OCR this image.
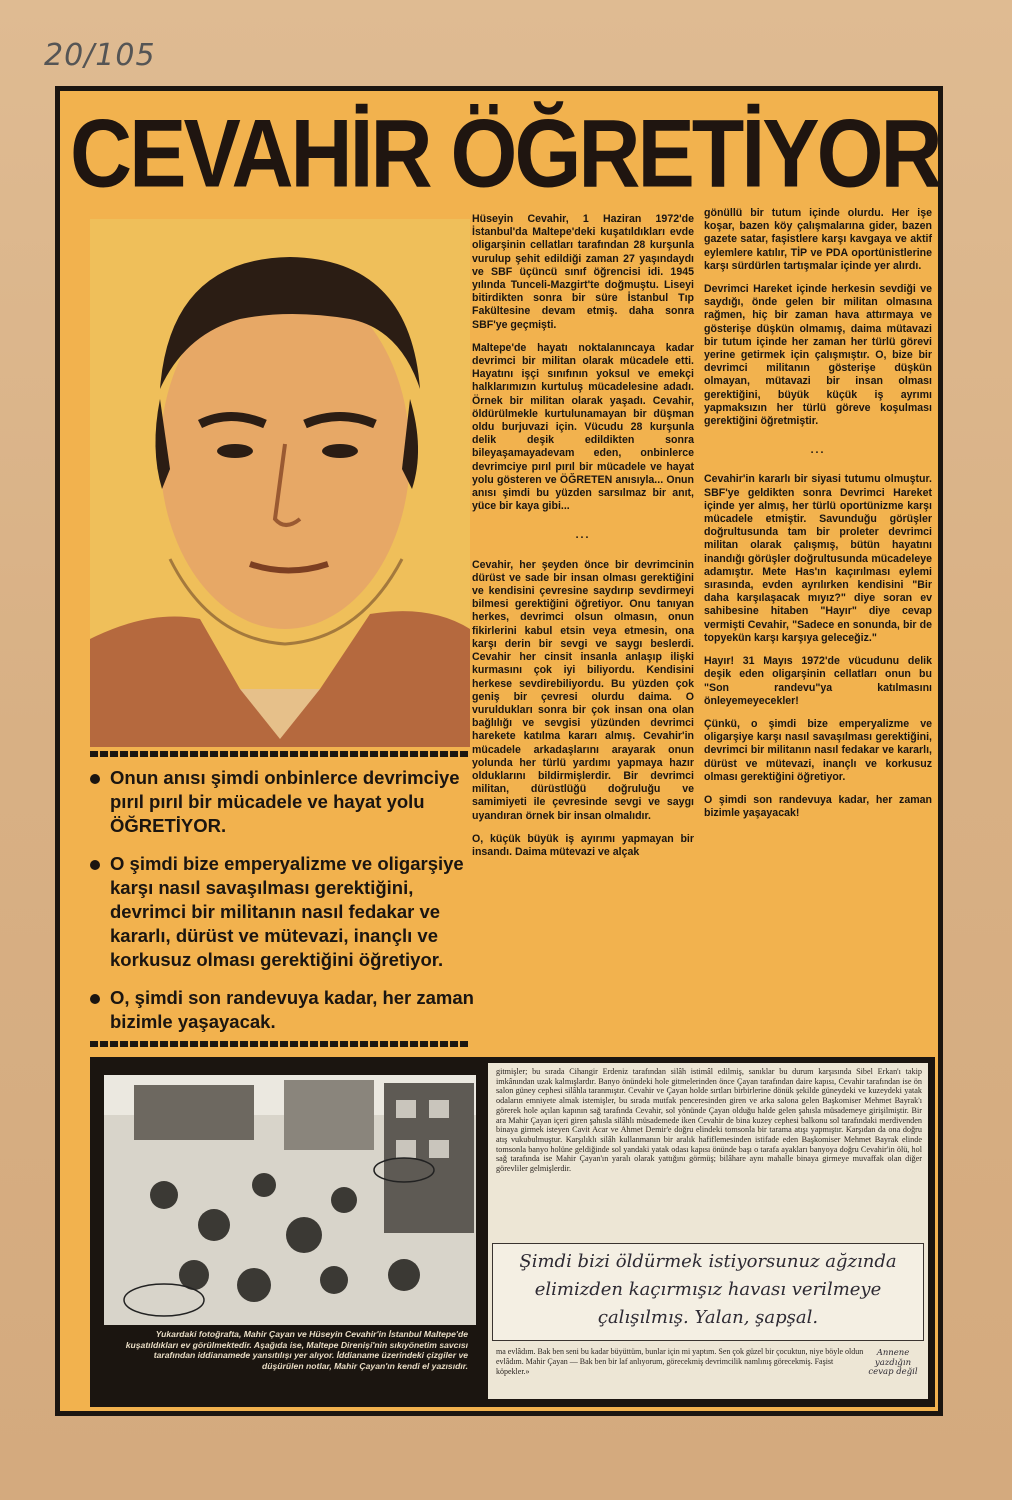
20/105
CEVAHİR ÖĞRETİYOR
Onun anısı şimdi onbinlerce devrimciye pırıl pırıl bir mücadele ve hayat yolu ÖĞRETİYOR.
O şimdi bize emperyalizme ve oligarşiye karşı nasıl savaşılması gerektiğini, devrimci bir militanın nasıl fedakar ve kararlı, dürüst ve mütevazi, inançlı ve korkusuz olması gerektiğini öğretiyor.
O, şimdi son randevuya kadar, her zaman bizimle yaşayacak.

Hüseyin Cevahir, 1 Haziran 1972'de İstanbul'da Maltepe'deki kuşatıldıkları evde oligarşinin cellatları tarafından 28 kurşunla vurulup şehit edildiği zaman 27 yaşındaydı ve SBF üçüncü sınıf öğrencisi idi. 1945 yılında Tunceli-Mazgirt'te doğmuştu. Liseyi bitirdikten sonra bir süre İstanbul Tıp Fakültesine devam etmiş. daha sonra SBF'ye geçmişti.

Maltepe'de hayatı noktalanıncaya kadar devrimci bir militan olarak mücadele etti. Hayatını işçi sınıfının yoksul ve emekçi halklarımızın kurtuluş mücadelesine adadı. Örnek bir militan olarak yaşadı. Cevahir, öldürülmekle kurtulunamayan bir düşman oldu burjuvazi için. Vücudu 28 kurşunla delik deşik edildikten sonra bileyaşamayadevam eden, onbinlerce devrimciye pırıl pırıl bir mücadele ve hayat yolu gösteren ve ÖĞRETEN anısıyla... Onun anısı şimdi bu yüzden sarsılmaz bir anıt, yüce bir kaya gibi...

...

Cevahir, her şeyden önce bir devrimcinin dürüst ve sade bir insan olması gerektiğini ve kendisini çevresine saydırıp sevdirmeyi bilmesi gerektiğini öğretiyor. Onu tanıyan herkes, devrimci olsun olmasın, onun fikirlerini kabul etsin veya etmesin, ona karşı derin bir sevgi ve saygı beslerdi. Cevahir her cinsit insanla anlaşıp ilişki kurmasını çok iyi biliyordu. Kendisini herkese sevdirebiliyordu. Bu yüzden çok geniş bir çevresi olurdu daima. O vuruldukları sonra bir çok insan ona olan bağlılığı ve sevgisi yüzünden devrimci harekete katılma kararı almış. Cevahir'in mücadele arkadaşlarını arayarak onun yolunda her türlü yardımı yapmaya hazır olduklarını bildirmişlerdir. Bir devrimci militan, dürüstlüğü doğruluğu ve samimiyeti ile çevresinde sevgi ve saygı uyandıran örnek bir insan olmalıdır.

O, küçük büyük iş ayırımı yapmayan bir insandı. Daima mütevazi ve alçak

gönüllü bir tutum içinde olurdu. Her işe koşar, bazen köy çalışmalarına gider, bazen gazete satar, faşistlere karşı kavgaya ve aktif eylemlere katılır, TİP ve PDA oportünistlerine karşı sürdürlen tartışmalar içinde yer alırdı.

Devrimci Hareket içinde herkesin sevdiği ve saydığı, önde gelen bir militan olmasına rağmen, hiç bir zaman hava attırmaya ve gösterişe düşkün olmamış, daima mütavazi bir tutum içinde her zaman her türlü görevi yerine getirmek için çalışmıştır. O, bize bir devrimci militanın gösterişe düşkün olmayan, mütavazi bir insan olması gerektiğini, büyük küçük iş ayrımı yapmaksızın her türlü göreve koşulması gerektiğini öğretmiştir.

...

Cevahir'in kararlı bir siyasi tutumu olmuştur. SBF'ye geldikten sonra Devrimci Hareket içinde yer almış, her türlü oportünizme karşı mücadele etmiştir. Savunduğu görüşler doğrultusunda tam bir proleter devrimci militan olarak çalışmış, bütün hayatını inandığı görüşler doğrultusunda mücadeleye adamıştır. Mete Has'ın kaçırılması eylemi sırasında, evden ayrılırken kendisini "Bir daha karşılaşacak mıyız?" diye soran ev sahibesine hitaben "Hayır" diye cevap vermişti Cevahir, "Sadece en sonunda, bir de topyekün karşı karşıya geleceğiz."

Hayır! 31 Mayıs 1972'de vücudunu delik deşik eden oligarşinin cellatları onun bu "Son randevu"ya katılmasını önleyemeyecekler!

Çünkü, o şimdi bize emperyalizme ve oligarşiye karşı nasıl savaşılması gerektiğini, devrimci bir militanın nasıl fedakar ve kararlı, dürüst ve mütevazi, inançlı ve korkusuz olması gerektiğini öğretiyor.

O şimdi son randevuya kadar, her zaman bizimle yaşayacak!

Yukardaki fotoğrafta, Mahir Çayan ve Hüseyin Cevahir'in İstanbul Maltepe'de kuşatıldıkları ev görülmektedir. Aşağıda ise, Maltepe Direnişi'nin sıkıyönetim savcısı tarafından iddianamede yansıtılışı yer alıyor. İddianame üzerindeki çizgiler ve düşürülen notlar, Mahir Çayan'ın kendi el yazısıdır.
gitmişler; bu sırada Cihangir Erdeniz tarafından silâh istimâl edilmiş, sanıklar bu durum karşısında Sibel Erkan'ı takip imkânından uzak kalmışlardır. Banyo önündeki hole gitmelerinden önce Çayan tarafından daire kapısı, Cevahir tarafından ise ön salon güney cephesi silâhla taranmıştır. Cevahir ve Çayan holde sırtları birbirlerine dönük şekilde güneydeki ve kuzeydeki yatak odaların emniyete almak istemişler, bu sırada mutfak penceresinden giren ve arka salona gelen Başkomiser Mehmet Bayrak'ı görerek hole açılan kapının sağ tarafında Cevahir, sol yönünde Çayan olduğu halde gelen şahısla müsademeye girişilmiştir. Bir ara Mahir Çayan içeri giren şahısla silâhlı müsademede iken Cevahir de bina kuzey cephesi balkonu sol tarafındaki merdivenden binaya girmek isteyen Cavit Acar ve Ahmet Demir'e doğru elindeki tomsonla bir tarama atışı yapmıştır. Karşıdan da ona doğru atış vukubulmuştur. Karşılıklı silâh kullanmanın bir aralık hafiflemesinden istifade eden Başkomiser Mehmet Bayrak elinde tomsonla banyo holüne geldiğinde sol yandaki yatak odası kapısı önünde başı o tarafa ayakları banyoya doğru Cevahir'in ölü, hol sağ tarafında ise Mahir Çayan'ın yaralı olarak yattığını görmüş; bilâhare aynı mahalle binaya girmeye muvaffak olan diğer görevliler gelmişlerdir.
Şimdi bizi öldürmek istiyorsunuz ağzında elimizden kaçırmışız havası verilmeye çalışılmış. Yalan, şapşal.
ma evlâdım. Bak ben seni bu kadar büyüttüm, bunlar için mi yaptım. Sen çok güzel bir çocuktun, niye böyle oldun evlâdım. Mahir Çayan — Bak ben bir laf anlıyorum, görecekmiş devrimcilik namlınış görecekmiş. Faşist köpekler.»
Annene yazdığın cevap değil
